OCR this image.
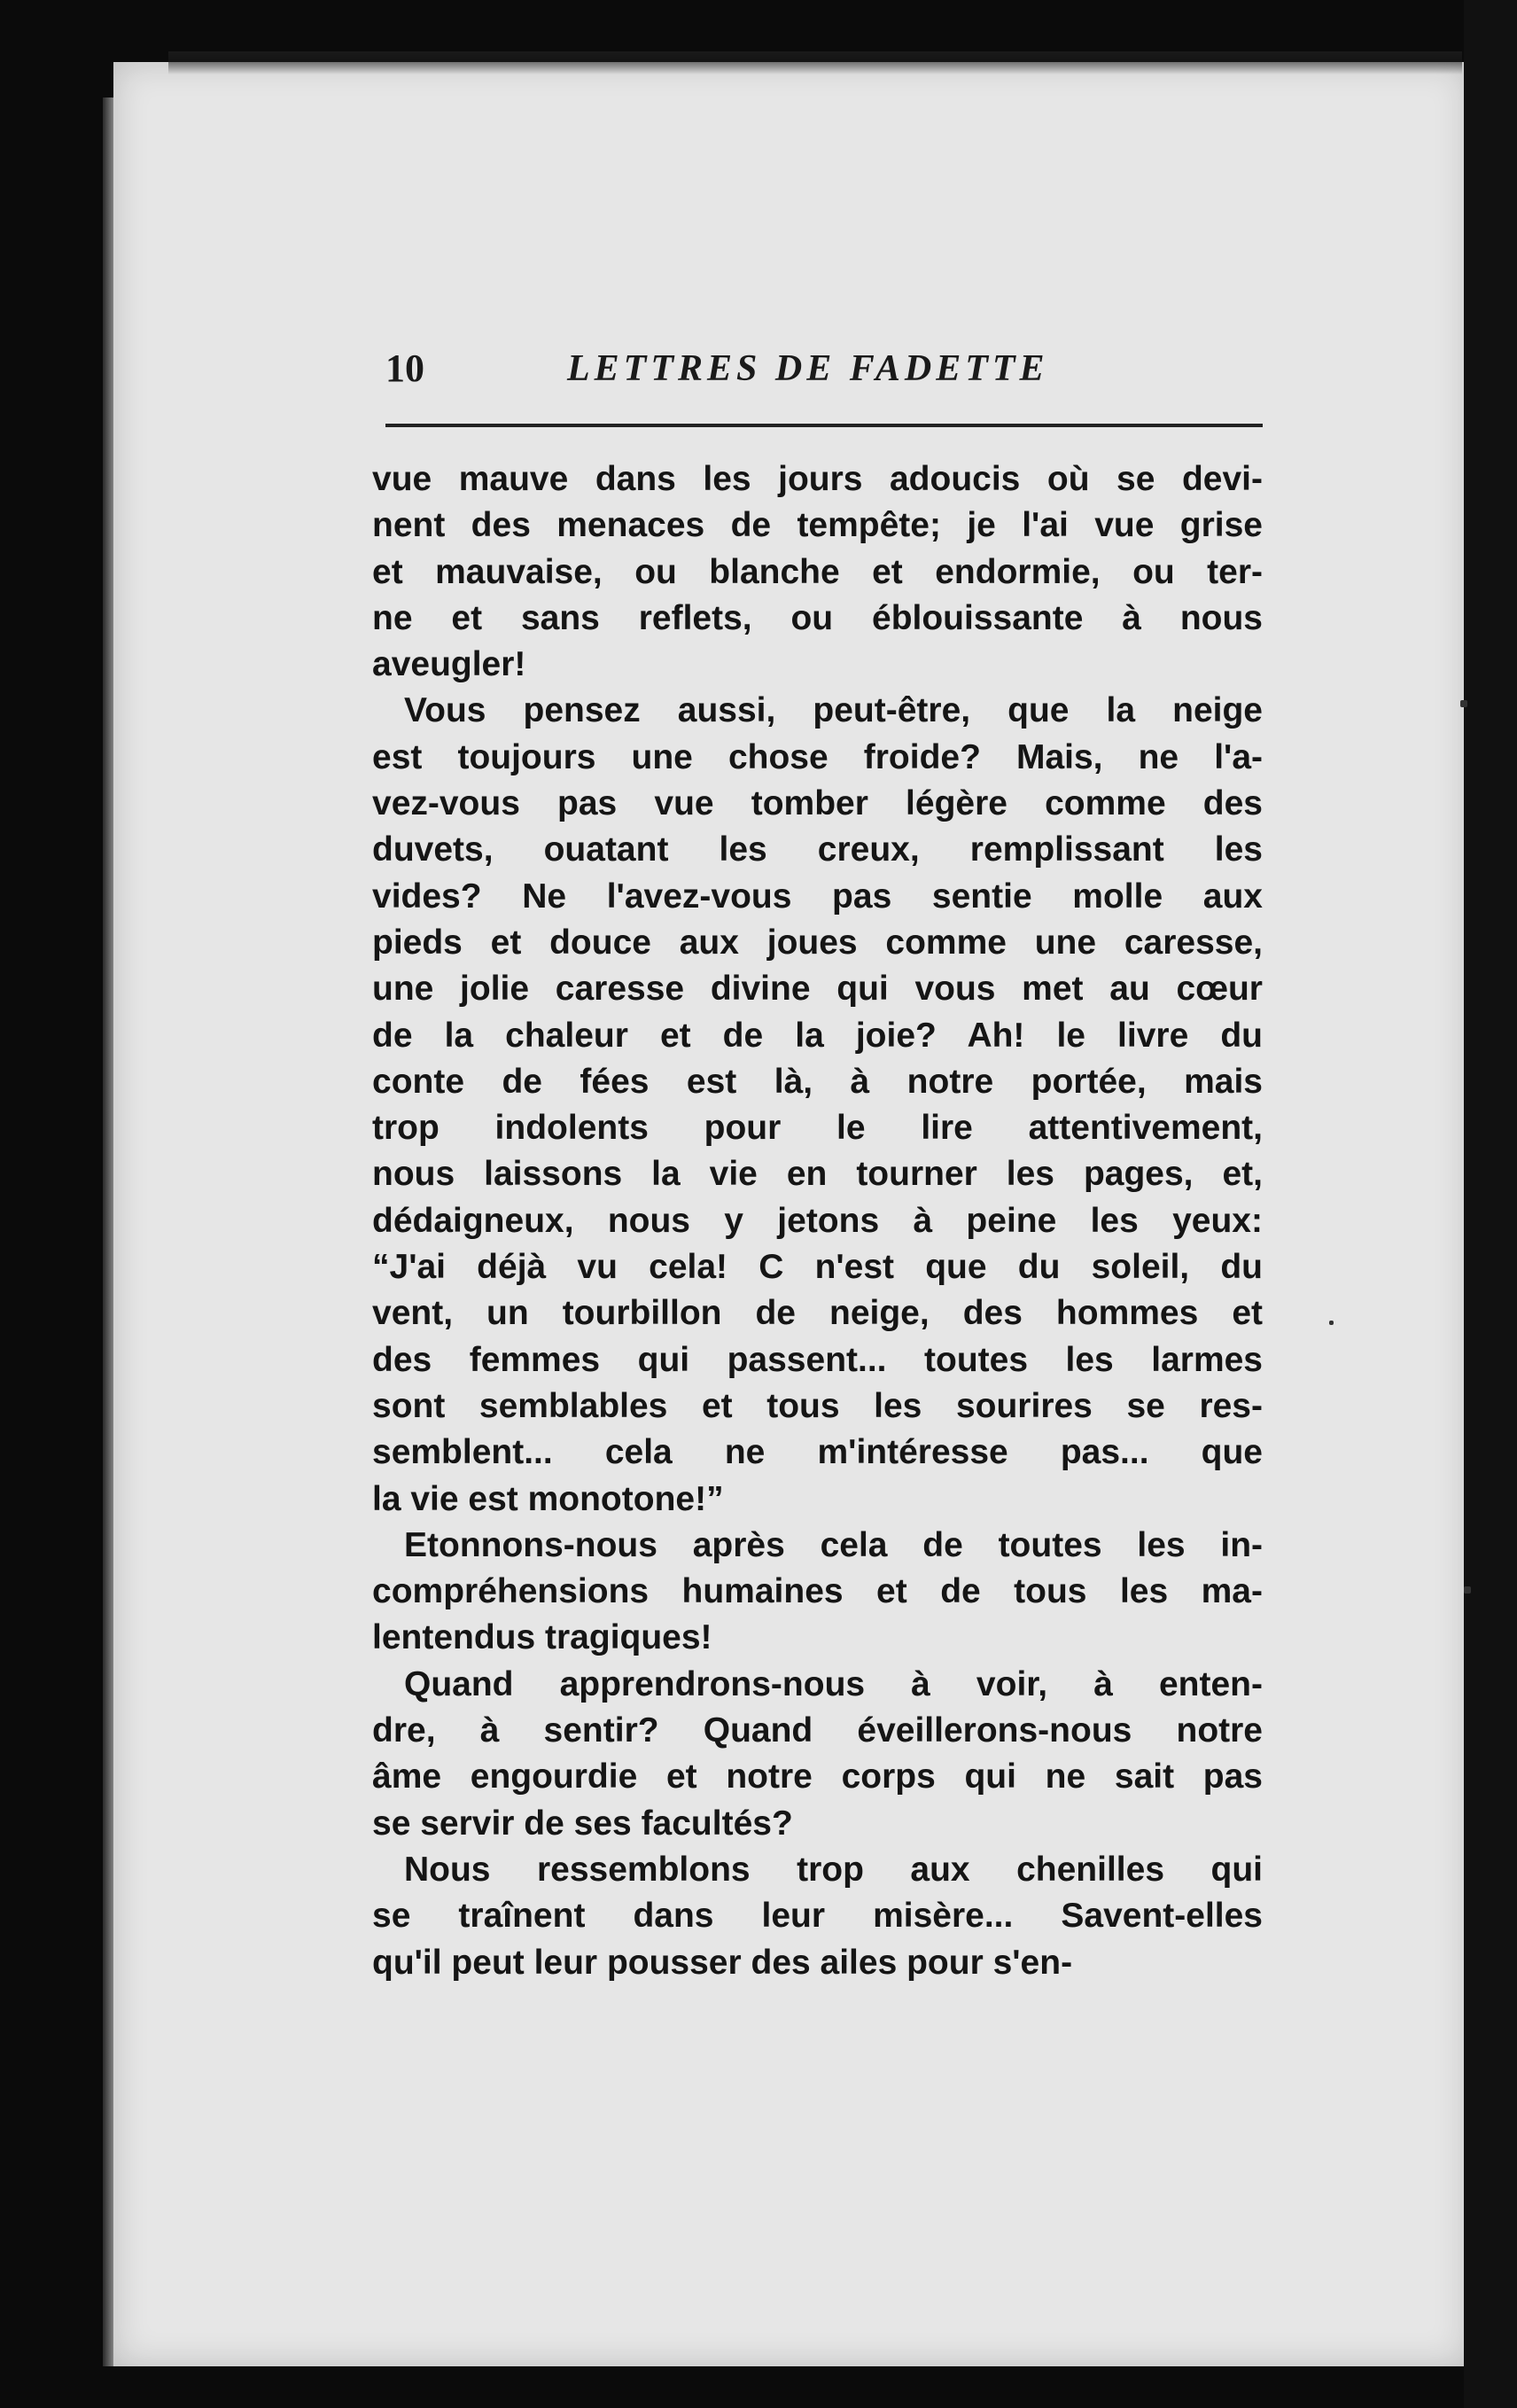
10	LETTRES DE FADETTE
vue mauve dans les jours adoucis où se devi-
nent des menaces de tempête; je l'ai vue grise
et mauvaise, ou blanche et endormie, ou ter-
ne et sans reflets, ou éblouissante à nous
aveugler!
Vous pensez aussi, peut-être, que la neige
est toujours une chose froide? Mais, ne l'a-
vez-vous pas vue tomber légère comme des
duvets, ouatant les creux, remplissant les
vides? Ne l'avez-vous pas sentie molle aux
pieds et douce aux joues comme une caresse,
une jolie caresse divine qui vous met au cœur
de la chaleur et de la joie? Ah! le livre du
conte de fées est là, à notre portée, mais
trop indolents pour le lire attentivement,
nous laissons la vie en tourner les pages, et,
dédaigneux, nous y jetons à peine les yeux:
“J'ai déjà vu cela! C n'est que du soleil, du
vent, un tourbillon de neige, des hommes et
des femmes qui passent... toutes les larmes
sont semblables et tous les sourires se res-
semblent... cela ne m'intéresse pas... que
la vie est monotone!”
Etonnons-nous après cela de toutes les in-
compréhensions humaines et de tous les ma-
lentendus tragiques!
Quand apprendrons-nous à voir, à enten-
dre, à sentir? Quand éveillerons-nous notre
âme engourdie et notre corps qui ne sait pas
se servir de ses facultés?
Nous ressemblons trop aux chenilles qui
se traînent dans leur misère... Savent-elles
qu'il peut leur pousser des ailes pour s'en-
